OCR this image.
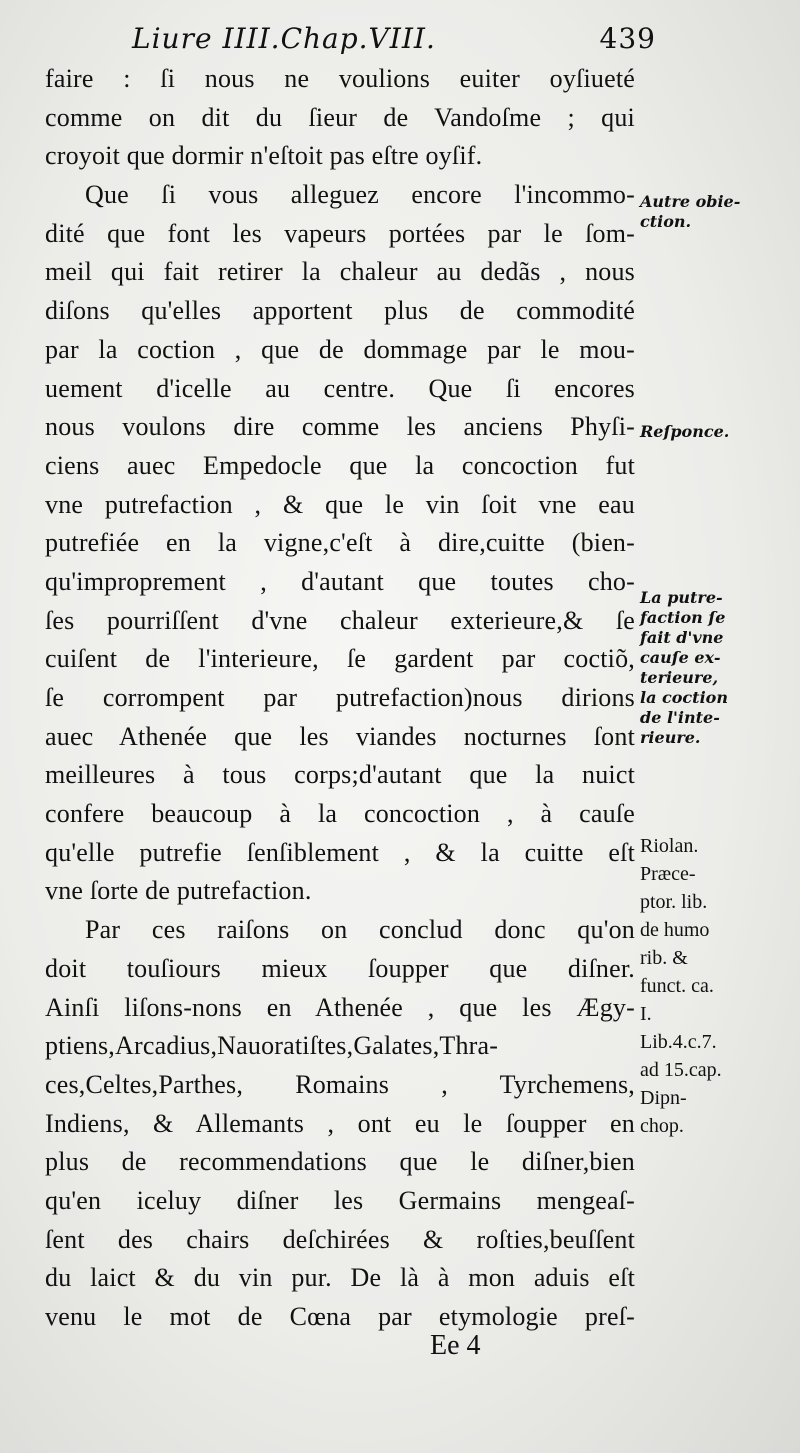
Liure IIII.Chap.VIII.	439
faire : ſi nous ne voulions euiter oyſiueté
comme on dit du ſieur de Vandoſme ; qui
croyoit que dormir n'eſtoit pas eſtre oyſif.
Que ſi vous alleguez encore l'incommo-
dité que font les vapeurs portées par le ſom-
meil qui fait retirer la chaleur au dedãs , nous
diſons qu'elles apportent plus de commodité
par la coction , que de dommage par le mou-
uement d'icelle au centre. Que ſi encores
nous voulons dire comme les anciens Phyſi-
ciens auec Empedocle que la concoction fut
vne putrefaction , & que le vin ſoit vne eau
putrefiée en la vigne,c'eſt à dire,cuitte (bien-
qu'improprement , d'autant que toutes cho-
ſes pourriſſent d'vne chaleur exterieure,& ſe
cuiſent de l'interieure, ſe gardent par coctiõ,
ſe corrompent par putrefaction)nous dirions
auec Athenée que les viandes nocturnes ſont
meilleures à tous corps;d'autant que la nuict
confere beaucoup à la concoction , à cauſe
qu'elle putrefie ſenſiblement , & la cuitte eſt
vne ſorte de putrefaction.
Par ces raiſons on conclud donc qu'on
doit touſiours mieux ſoupper que diſner.
Ainſi liſons-nons en Athenée , que les Ægy-
ptiens,Arcadius,Nauoratiſtes,Galates,Thra-
ces,Celtes,Parthes, Romains , Tyrchemens,
Indiens, & Allemants , ont eu le ſoupper en
plus de recommendations que le diſner,bien
qu'en iceluy diſner les Germains mengeaſ-
ſent des chairs deſchirées & roſties,beuſſent
du laict & du vin pur. De là à mon aduis eſt
venu le mot de Cœna par etymologie preſ-
Autre obie-
ction.
Reſponce.
La putre-
faction ſe
fait d'vne
cauſe ex-
terieure,
la coction
de l'inte-
rieure.
Riolan.
Præce-
ptor. lib.
de humo
rib. &
funct. ca.
I.
Lib.4.c.7.
ad 15.cap.
Dipn-
chop.
Ee 4
